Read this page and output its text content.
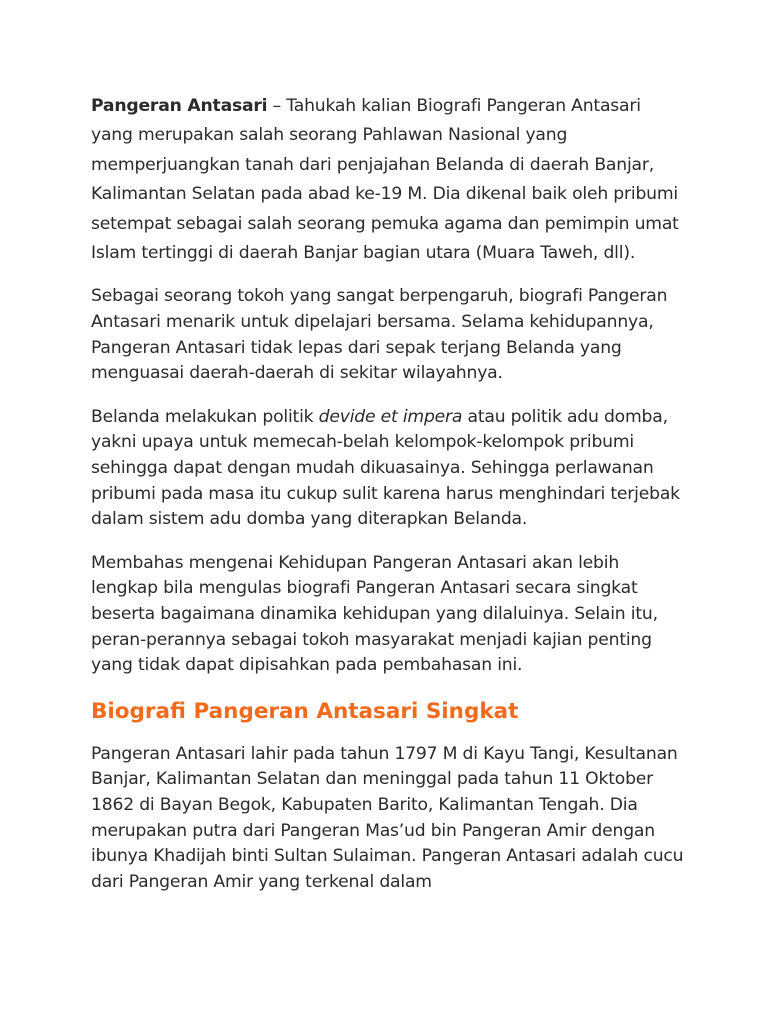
Pangeran Antasari – Tahukah kalian Biografi Pangeran Antasari yang merupakan salah seorang Pahlawan Nasional yang memperjuangkan tanah dari penjajahan Belanda di daerah Banjar, Kalimantan Selatan pada abad ke-19 M. Dia dikenal baik oleh pribumi setempat sebagai salah seorang pemuka agama dan pemimpin umat Islam tertinggi di daerah Banjar bagian utara (Muara Taweh, dll).

Sebagai seorang tokoh yang sangat berpengaruh, biografi Pangeran Antasari menarik untuk dipelajari bersama. Selama kehidupannya, Pangeran Antasari tidak lepas dari sepak terjang Belanda yang menguasai daerah-daerah di sekitar wilayahnya.

Belanda melakukan politik devide et impera atau politik adu domba, yakni upaya untuk memecah-belah kelompok-kelompok pribumi sehingga dapat dengan mudah dikuasainya. Sehingga perlawanan pribumi pada masa itu cukup sulit karena harus menghindari terjebak dalam sistem adu domba yang diterapkan Belanda.

Membahas mengenai Kehidupan Pangeran Antasari akan lebih lengkap bila mengulas biografi Pangeran Antasari secara singkat beserta bagaimana dinamika kehidupan yang dilaluinya. Selain itu, peran-perannya sebagai tokoh masyarakat menjadi kajian penting yang tidak dapat dipisahkan pada pembahasan ini.

Biografi Pangeran Antasari Singkat

Pangeran Antasari lahir pada tahun 1797 M di Kayu Tangi, Kesultanan Banjar, Kalimantan Selatan dan meninggal pada tahun 11 Oktober 1862 di Bayan Begok, Kabupaten Barito, Kalimantan Tengah. Dia merupakan putra dari Pangeran Mas’ud bin Pangeran Amir dengan ibunya Khadijah binti Sultan Sulaiman. Pangeran Antasari adalah cucu dari Pangeran Amir yang terkenal dalam
